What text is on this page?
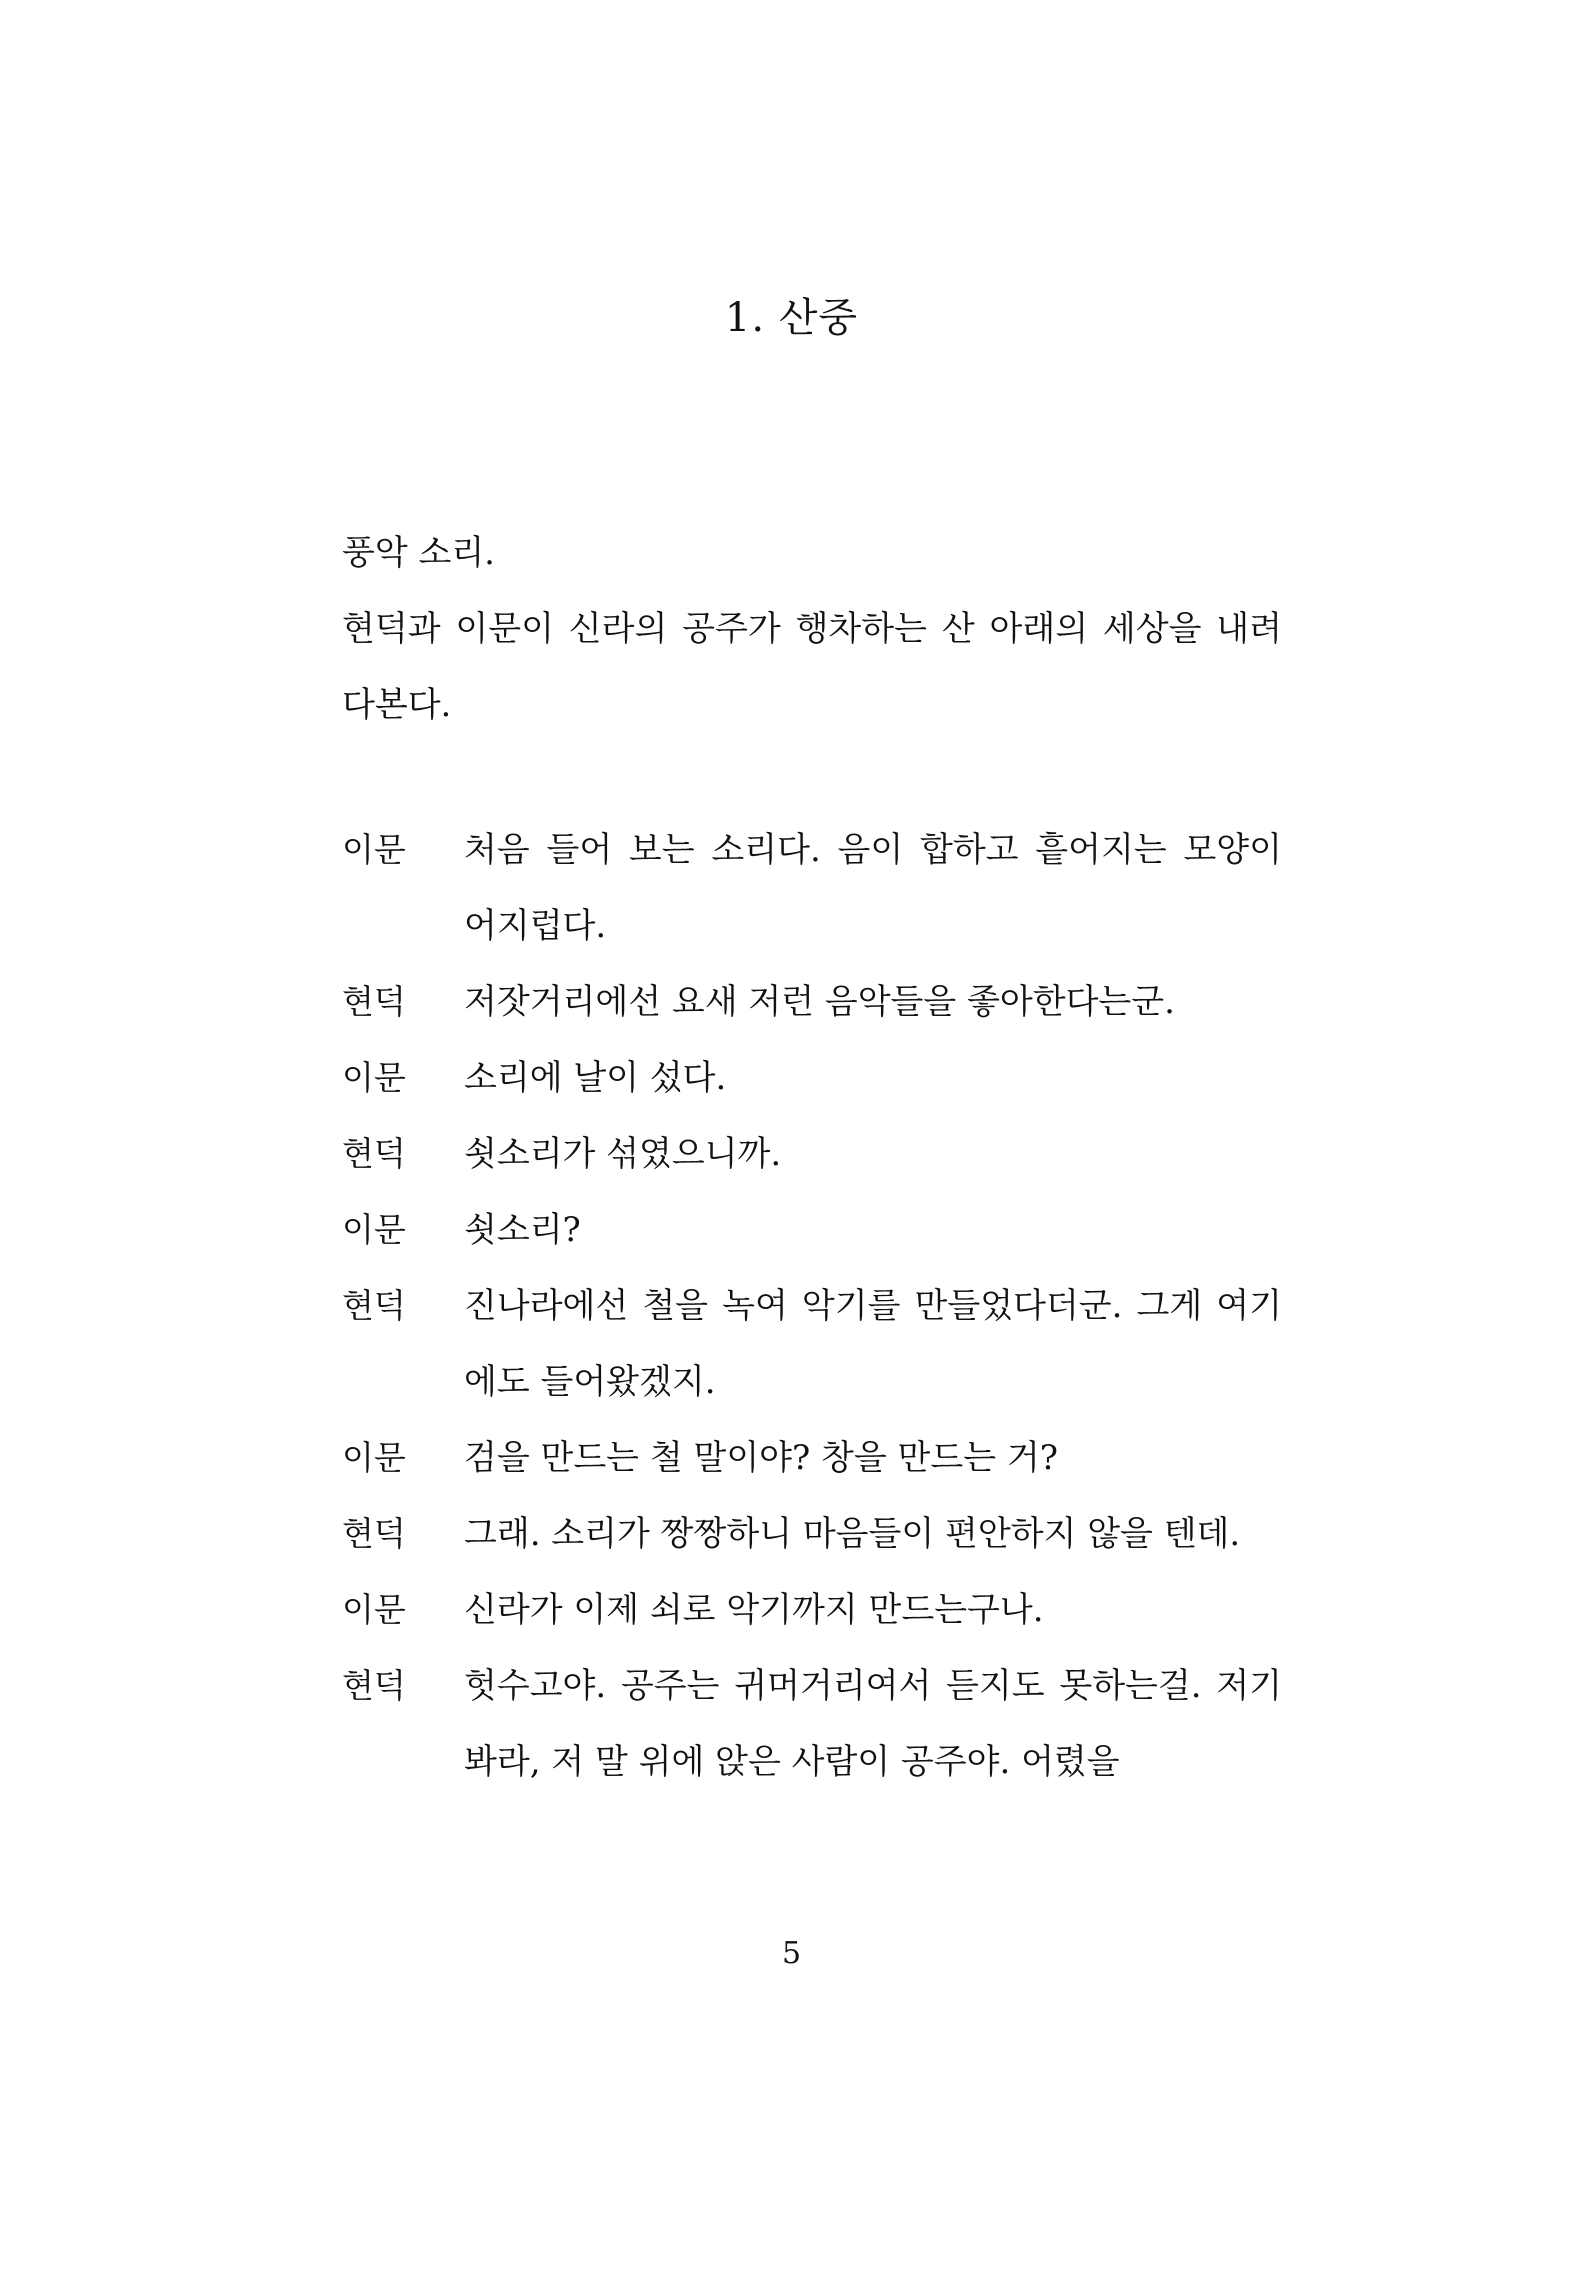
1. 산중

풍악 소리.

현덕과 이문이 신라의 공주가 행차하는 산 아래의 세상을 내려다본다.

이문	처음 들어 보는 소리다. 음이 합하고 흩어지는 모양이 어지럽다.
현덕	저잣거리에선 요새 저런 음악들을 좋아한다는군.
이문	소리에 날이 섰다.
현덕	쇳소리가 섞였으니까.
이문	쇳소리?
현덕	진나라에선 철을 녹여 악기를 만들었다더군. 그게 여기에도 들어왔겠지.
이문	검을 만드는 철 말이야? 창을 만드는 거?
현덕	그래. 소리가 짱짱하니 마음들이 편안하지 않을 텐데.
이문	신라가 이제 쇠로 악기까지 만드는구나.
현덕	헛수고야. 공주는 귀머거리여서 듣지도 못하는걸. 저기 봐라, 저 말 위에 앉은 사람이 공주야. 어렸을
5
